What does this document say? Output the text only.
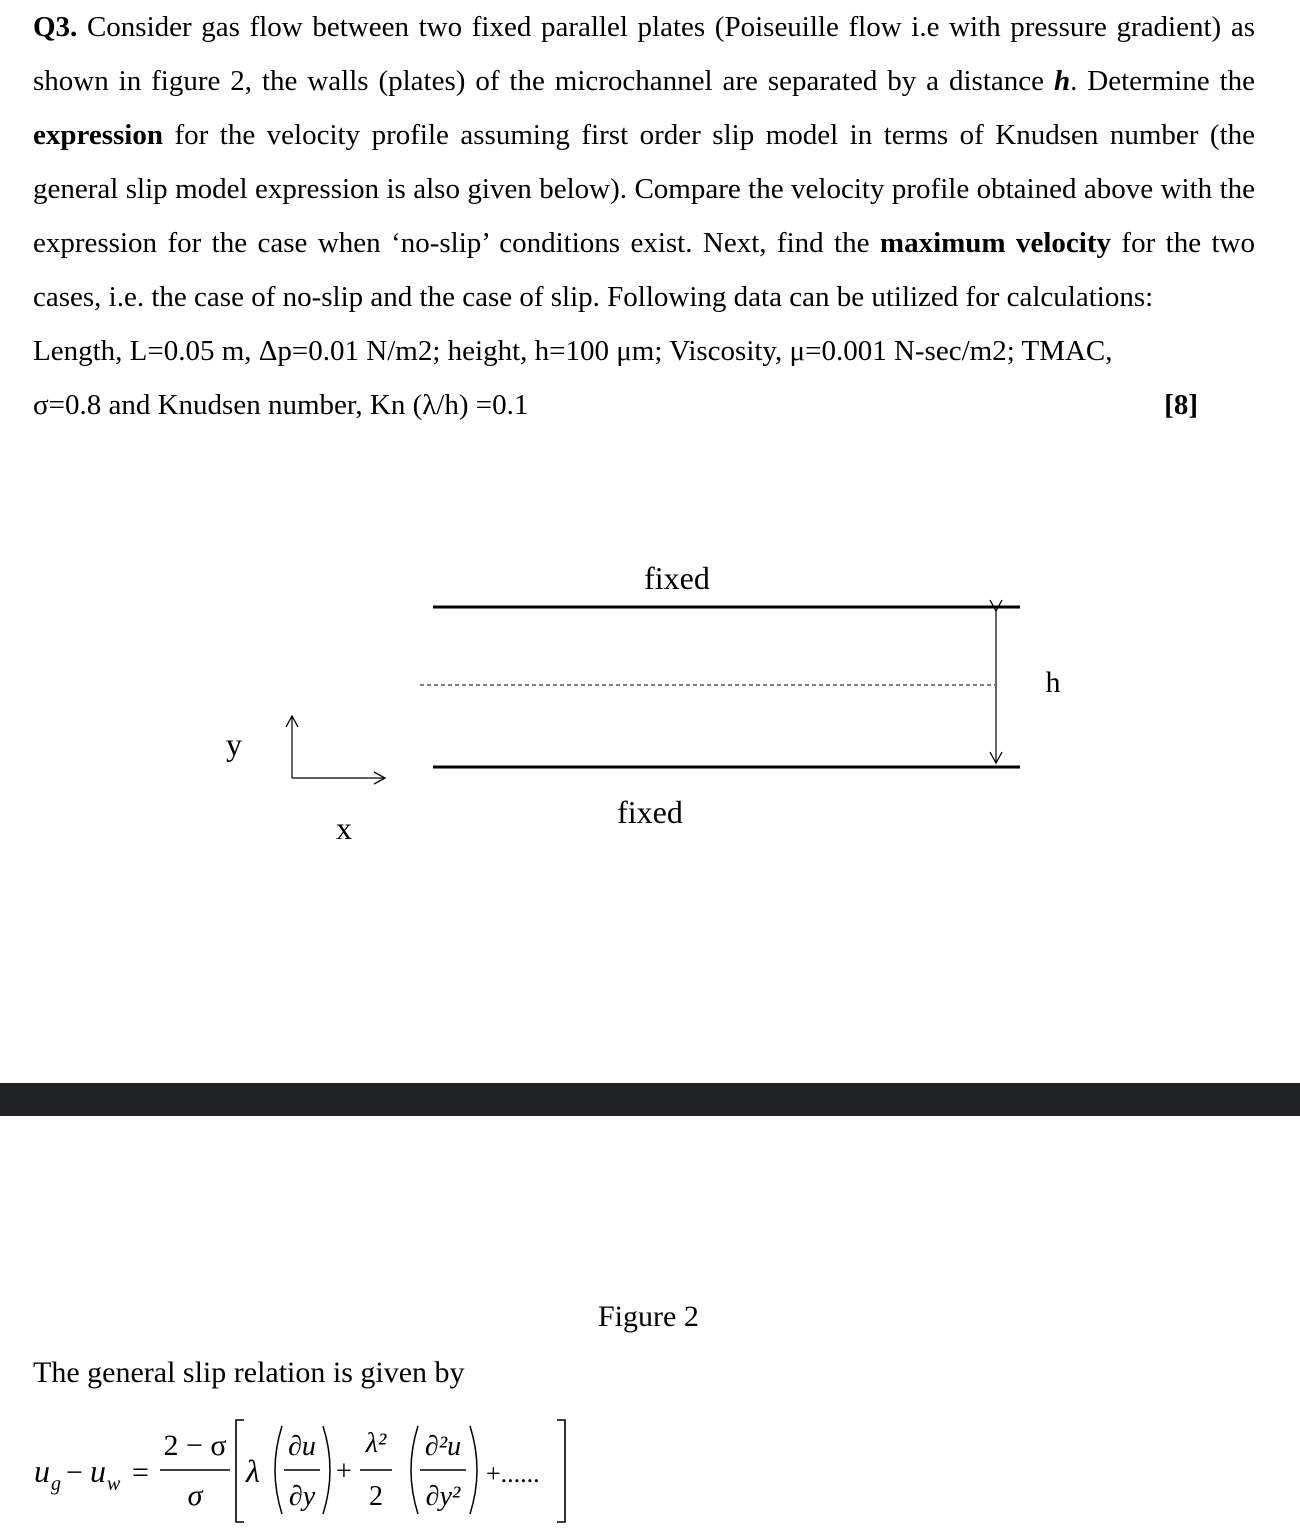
Q3. Consider gas flow between two fixed parallel plates (Poiseuille flow i.e with pressure gradient) as shown in figure 2, the walls (plates) of the microchannel are separated by a distance h. Determine the expression for the velocity profile assuming first order slip model in terms of Knudsen number (the general slip model expression is also given below). Compare the velocity profile obtained above with the expression for the case when ‘no-slip’ conditions exist. Next, find the maximum velocity for the two cases, i.e. the case of no-slip and the case of slip. Following data can be utilized for calculations:

Length, L=0.05 m, Δp=0.01 N/m2; height, h=100 μm; Viscosity, μ=0.001 N-sec/m2; TMAC,
σ=0.8 and Knudsen number, Kn (λ/h) =0.1	[8]

fixed
fixed
h
y
x
Figure 2
The general slip relation is given by
u g − u w =
2 − σ
σ
λ
∂u
∂y
+
λ²
2
∂²u
∂y²
+......
